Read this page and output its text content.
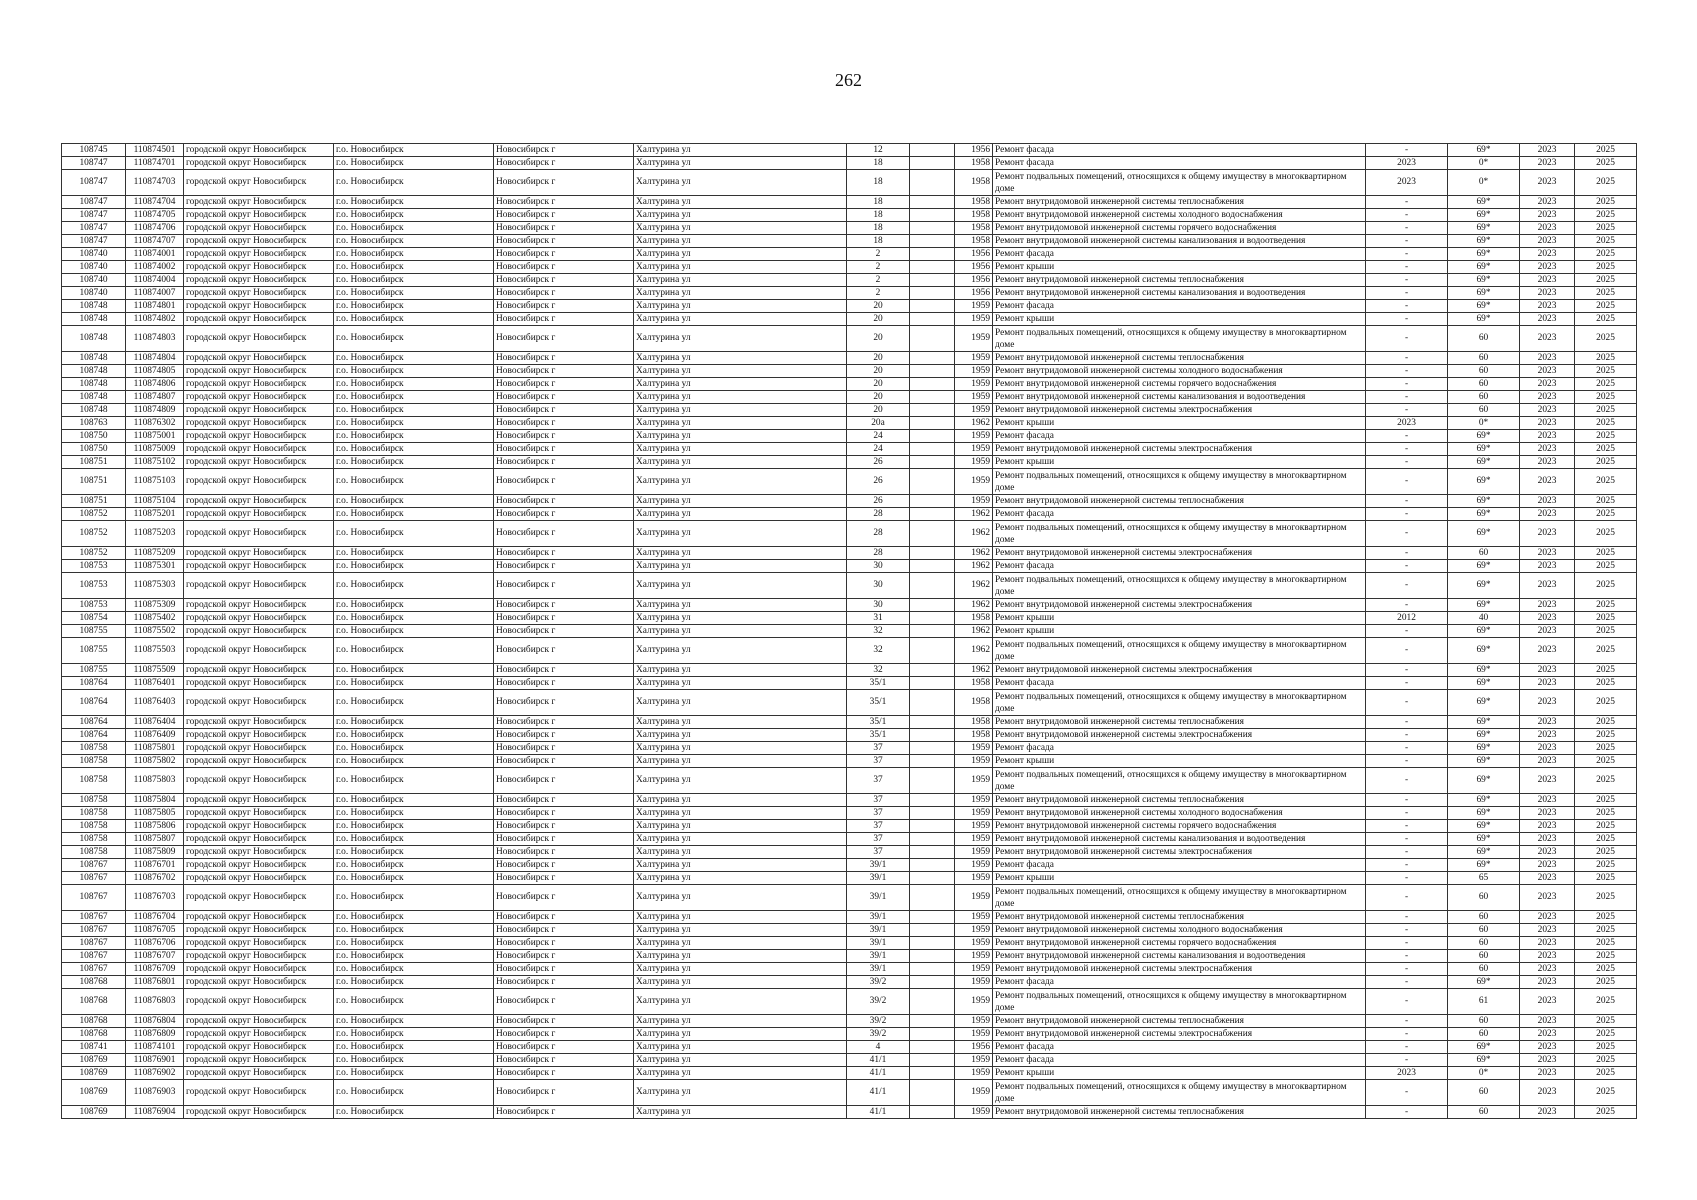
262
108745	110874501	городской округ Новосибирск	г.о. Новосибирск	Новосибирск г	Халтурина ул	12		1956	Ремонт фасада	-	69*	2023	2025
108747	110874701	городской округ Новосибирск	г.о. Новосибирск	Новосибирск г	Халтурина ул	18		1958	Ремонт фасада	2023	0*	2023	2025
108747	110874703	городской округ Новосибирск	г.о. Новосибирск	Новосибирск г	Халтурина ул	18		1958	Ремонт подвальных помещений, относящихся к общему имуществу в многоквартирном доме	2023	0*	2023	2025
108747	110874704	городской округ Новосибирск	г.о. Новосибирск	Новосибирск г	Халтурина ул	18		1958	Ремонт внутридомовой инженерной системы теплоснабжения	-	69*	2023	2025
108747	110874705	городской округ Новосибирск	г.о. Новосибирск	Новосибирск г	Халтурина ул	18		1958	Ремонт внутридомовой инженерной системы холодного водоснабжения	-	69*	2023	2025
108747	110874706	городской округ Новосибирск	г.о. Новосибирск	Новосибирск г	Халтурина ул	18		1958	Ремонт внутридомовой инженерной системы горячего водоснабжения	-	69*	2023	2025
108747	110874707	городской округ Новосибирск	г.о. Новосибирск	Новосибирск г	Халтурина ул	18		1958	Ремонт внутридомовой инженерной системы канализования и водоотведения	-	69*	2023	2025
108740	110874001	городской округ Новосибирск	г.о. Новосибирск	Новосибирск г	Халтурина ул	2		1956	Ремонт фасада	-	69*	2023	2025
108740	110874002	городской округ Новосибирск	г.о. Новосибирск	Новосибирск г	Халтурина ул	2		1956	Ремонт крыши	-	69*	2023	2025
108740	110874004	городской округ Новосибирск	г.о. Новосибирск	Новосибирск г	Халтурина ул	2		1956	Ремонт внутридомовой инженерной системы теплоснабжения	-	69*	2023	2025
108740	110874007	городской округ Новосибирск	г.о. Новосибирск	Новосибирск г	Халтурина ул	2		1956	Ремонт внутридомовой инженерной системы канализования и водоотведения	-	69*	2023	2025
108748	110874801	городской округ Новосибирск	г.о. Новосибирск	Новосибирск г	Халтурина ул	20		1959	Ремонт фасада	-	69*	2023	2025
108748	110874802	городской округ Новосибирск	г.о. Новосибирск	Новосибирск г	Халтурина ул	20		1959	Ремонт крыши	-	69*	2023	2025
108748	110874803	городской округ Новосибирск	г.о. Новосибирск	Новосибирск г	Халтурина ул	20		1959	Ремонт подвальных помещений, относящихся к общему имуществу в многоквартирном доме	-	60	2023	2025
108748	110874804	городской округ Новосибирск	г.о. Новосибирск	Новосибирск г	Халтурина ул	20		1959	Ремонт внутридомовой инженерной системы теплоснабжения	-	60	2023	2025
108748	110874805	городской округ Новосибирск	г.о. Новосибирск	Новосибирск г	Халтурина ул	20		1959	Ремонт внутридомовой инженерной системы холодного водоснабжения	-	60	2023	2025
108748	110874806	городской округ Новосибирск	г.о. Новосибирск	Новосибирск г	Халтурина ул	20		1959	Ремонт внутридомовой инженерной системы горячего водоснабжения	-	60	2023	2025
108748	110874807	городской округ Новосибирск	г.о. Новосибирск	Новосибирск г	Халтурина ул	20		1959	Ремонт внутридомовой инженерной системы канализования и водоотведения	-	60	2023	2025
108748	110874809	городской округ Новосибирск	г.о. Новосибирск	Новосибирск г	Халтурина ул	20		1959	Ремонт внутридомовой инженерной системы электроснабжения	-	60	2023	2025
108763	110876302	городской округ Новосибирск	г.о. Новосибирск	Новосибирск г	Халтурина ул	20а		1962	Ремонт крыши	2023	0*	2023	2025
108750	110875001	городской округ Новосибирск	г.о. Новосибирск	Новосибирск г	Халтурина ул	24		1959	Ремонт фасада	-	69*	2023	2025
108750	110875009	городской округ Новосибирск	г.о. Новосибирск	Новосибирск г	Халтурина ул	24		1959	Ремонт внутридомовой инженерной системы электроснабжения	-	69*	2023	2025
108751	110875102	городской округ Новосибирск	г.о. Новосибирск	Новосибирск г	Халтурина ул	26		1959	Ремонт крыши	-	69*	2023	2025
108751	110875103	городской округ Новосибирск	г.о. Новосибирск	Новосибирск г	Халтурина ул	26		1959	Ремонт подвальных помещений, относящихся к общему имуществу в многоквартирном доме	-	69*	2023	2025
108751	110875104	городской округ Новосибирск	г.о. Новосибирск	Новосибирск г	Халтурина ул	26		1959	Ремонт внутридомовой инженерной системы теплоснабжения	-	69*	2023	2025
108752	110875201	городской округ Новосибирск	г.о. Новосибирск	Новосибирск г	Халтурина ул	28		1962	Ремонт фасада	-	69*	2023	2025
108752	110875203	городской округ Новосибирск	г.о. Новосибирск	Новосибирск г	Халтурина ул	28		1962	Ремонт подвальных помещений, относящихся к общему имуществу в многоквартирном доме	-	69*	2023	2025
108752	110875209	городской округ Новосибирск	г.о. Новосибирск	Новосибирск г	Халтурина ул	28		1962	Ремонт внутридомовой инженерной системы электроснабжения	-	60	2023	2025
108753	110875301	городской округ Новосибирск	г.о. Новосибирск	Новосибирск г	Халтурина ул	30		1962	Ремонт фасада	-	69*	2023	2025
108753	110875303	городской округ Новосибирск	г.о. Новосибирск	Новосибирск г	Халтурина ул	30		1962	Ремонт подвальных помещений, относящихся к общему имуществу в многоквартирном доме	-	69*	2023	2025
108753	110875309	городской округ Новосибирск	г.о. Новосибирск	Новосибирск г	Халтурина ул	30		1962	Ремонт внутридомовой инженерной системы электроснабжения	-	69*	2023	2025
108754	110875402	городской округ Новосибирск	г.о. Новосибирск	Новосибирск г	Халтурина ул	31		1958	Ремонт крыши	2012	40	2023	2025
108755	110875502	городской округ Новосибирск	г.о. Новосибирск	Новосибирск г	Халтурина ул	32		1962	Ремонт крыши	-	69*	2023	2025
108755	110875503	городской округ Новосибирск	г.о. Новосибирск	Новосибирск г	Халтурина ул	32		1962	Ремонт подвальных помещений, относящихся к общему имуществу в многоквартирном доме	-	69*	2023	2025
108755	110875509	городской округ Новосибирск	г.о. Новосибирск	Новосибирск г	Халтурина ул	32		1962	Ремонт внутридомовой инженерной системы электроснабжения	-	69*	2023	2025
108764	110876401	городской округ Новосибирск	г.о. Новосибирск	Новосибирск г	Халтурина ул	35/1		1958	Ремонт фасада	-	69*	2023	2025
108764	110876403	городской округ Новосибирск	г.о. Новосибирск	Новосибирск г	Халтурина ул	35/1		1958	Ремонт подвальных помещений, относящихся к общему имуществу в многоквартирном доме	-	69*	2023	2025
108764	110876404	городской округ Новосибирск	г.о. Новосибирск	Новосибирск г	Халтурина ул	35/1		1958	Ремонт внутридомовой инженерной системы теплоснабжения	-	69*	2023	2025
108764	110876409	городской округ Новосибирск	г.о. Новосибирск	Новосибирск г	Халтурина ул	35/1		1958	Ремонт внутридомовой инженерной системы электроснабжения	-	69*	2023	2025
108758	110875801	городской округ Новосибирск	г.о. Новосибирск	Новосибирск г	Халтурина ул	37		1959	Ремонт фасада	-	69*	2023	2025
108758	110875802	городской округ Новосибирск	г.о. Новосибирск	Новосибирск г	Халтурина ул	37		1959	Ремонт крыши	-	69*	2023	2025
108758	110875803	городской округ Новосибирск	г.о. Новосибирск	Новосибирск г	Халтурина ул	37		1959	Ремонт подвальных помещений, относящихся к общему имуществу в многоквартирном доме	-	69*	2023	2025
108758	110875804	городской округ Новосибирск	г.о. Новосибирск	Новосибирск г	Халтурина ул	37		1959	Ремонт внутридомовой инженерной системы теплоснабжения	-	69*	2023	2025
108758	110875805	городской округ Новосибирск	г.о. Новосибирск	Новосибирск г	Халтурина ул	37		1959	Ремонт внутридомовой инженерной системы холодного водоснабжения	-	69*	2023	2025
108758	110875806	городской округ Новосибирск	г.о. Новосибирск	Новосибирск г	Халтурина ул	37		1959	Ремонт внутридомовой инженерной системы горячего водоснабжения	-	69*	2023	2025
108758	110875807	городской округ Новосибирск	г.о. Новосибирск	Новосибирск г	Халтурина ул	37		1959	Ремонт внутридомовой инженерной системы канализования и водоотведения	-	69*	2023	2025
108758	110875809	городской округ Новосибирск	г.о. Новосибирск	Новосибирск г	Халтурина ул	37		1959	Ремонт внутридомовой инженерной системы электроснабжения	-	69*	2023	2025
108767	110876701	городской округ Новосибирск	г.о. Новосибирск	Новосибирск г	Халтурина ул	39/1		1959	Ремонт фасада	-	69*	2023	2025
108767	110876702	городской округ Новосибирск	г.о. Новосибирск	Новосибирск г	Халтурина ул	39/1		1959	Ремонт крыши	-	65	2023	2025
108767	110876703	городской округ Новосибирск	г.о. Новосибирск	Новосибирск г	Халтурина ул	39/1		1959	Ремонт подвальных помещений, относящихся к общему имуществу в многоквартирном доме	-	60	2023	2025
108767	110876704	городской округ Новосибирск	г.о. Новосибирск	Новосибирск г	Халтурина ул	39/1		1959	Ремонт внутридомовой инженерной системы теплоснабжения	-	60	2023	2025
108767	110876705	городской округ Новосибирск	г.о. Новосибирск	Новосибирск г	Халтурина ул	39/1		1959	Ремонт внутридомовой инженерной системы холодного водоснабжения	-	60	2023	2025
108767	110876706	городской округ Новосибирск	г.о. Новосибирск	Новосибирск г	Халтурина ул	39/1		1959	Ремонт внутридомовой инженерной системы горячего водоснабжения	-	60	2023	2025
108767	110876707	городской округ Новосибирск	г.о. Новосибирск	Новосибирск г	Халтурина ул	39/1		1959	Ремонт внутридомовой инженерной системы канализования и водоотведения	-	60	2023	2025
108767	110876709	городской округ Новосибирск	г.о. Новосибирск	Новосибирск г	Халтурина ул	39/1		1959	Ремонт внутридомовой инженерной системы электроснабжения	-	60	2023	2025
108768	110876801	городской округ Новосибирск	г.о. Новосибирск	Новосибирск г	Халтурина ул	39/2		1959	Ремонт фасада	-	69*	2023	2025
108768	110876803	городской округ Новосибирск	г.о. Новосибирск	Новосибирск г	Халтурина ул	39/2		1959	Ремонт подвальных помещений, относящихся к общему имуществу в многоквартирном доме	-	61	2023	2025
108768	110876804	городской округ Новосибирск	г.о. Новосибирск	Новосибирск г	Халтурина ул	39/2		1959	Ремонт внутридомовой инженерной системы теплоснабжения	-	60	2023	2025
108768	110876809	городской округ Новосибирск	г.о. Новосибирск	Новосибирск г	Халтурина ул	39/2		1959	Ремонт внутридомовой инженерной системы электроснабжения	-	60	2023	2025
108741	110874101	городской округ Новосибирск	г.о. Новосибирск	Новосибирск г	Халтурина ул	4		1956	Ремонт фасада	-	69*	2023	2025
108769	110876901	городской округ Новосибирск	г.о. Новосибирск	Новосибирск г	Халтурина ул	41/1		1959	Ремонт фасада	-	69*	2023	2025
108769	110876902	городской округ Новосибирск	г.о. Новосибирск	Новосибирск г	Халтурина ул	41/1		1959	Ремонт крыши	2023	0*	2023	2025
108769	110876903	городской округ Новосибирск	г.о. Новосибирск	Новосибирск г	Халтурина ул	41/1		1959	Ремонт подвальных помещений, относящихся к общему имуществу в многоквартирном доме	-	60	2023	2025
108769	110876904	городской округ Новосибирск	г.о. Новосибирск	Новосибирск г	Халтурина ул	41/1		1959	Ремонт внутридомовой инженерной системы теплоснабжения	-	60	2023	2025
